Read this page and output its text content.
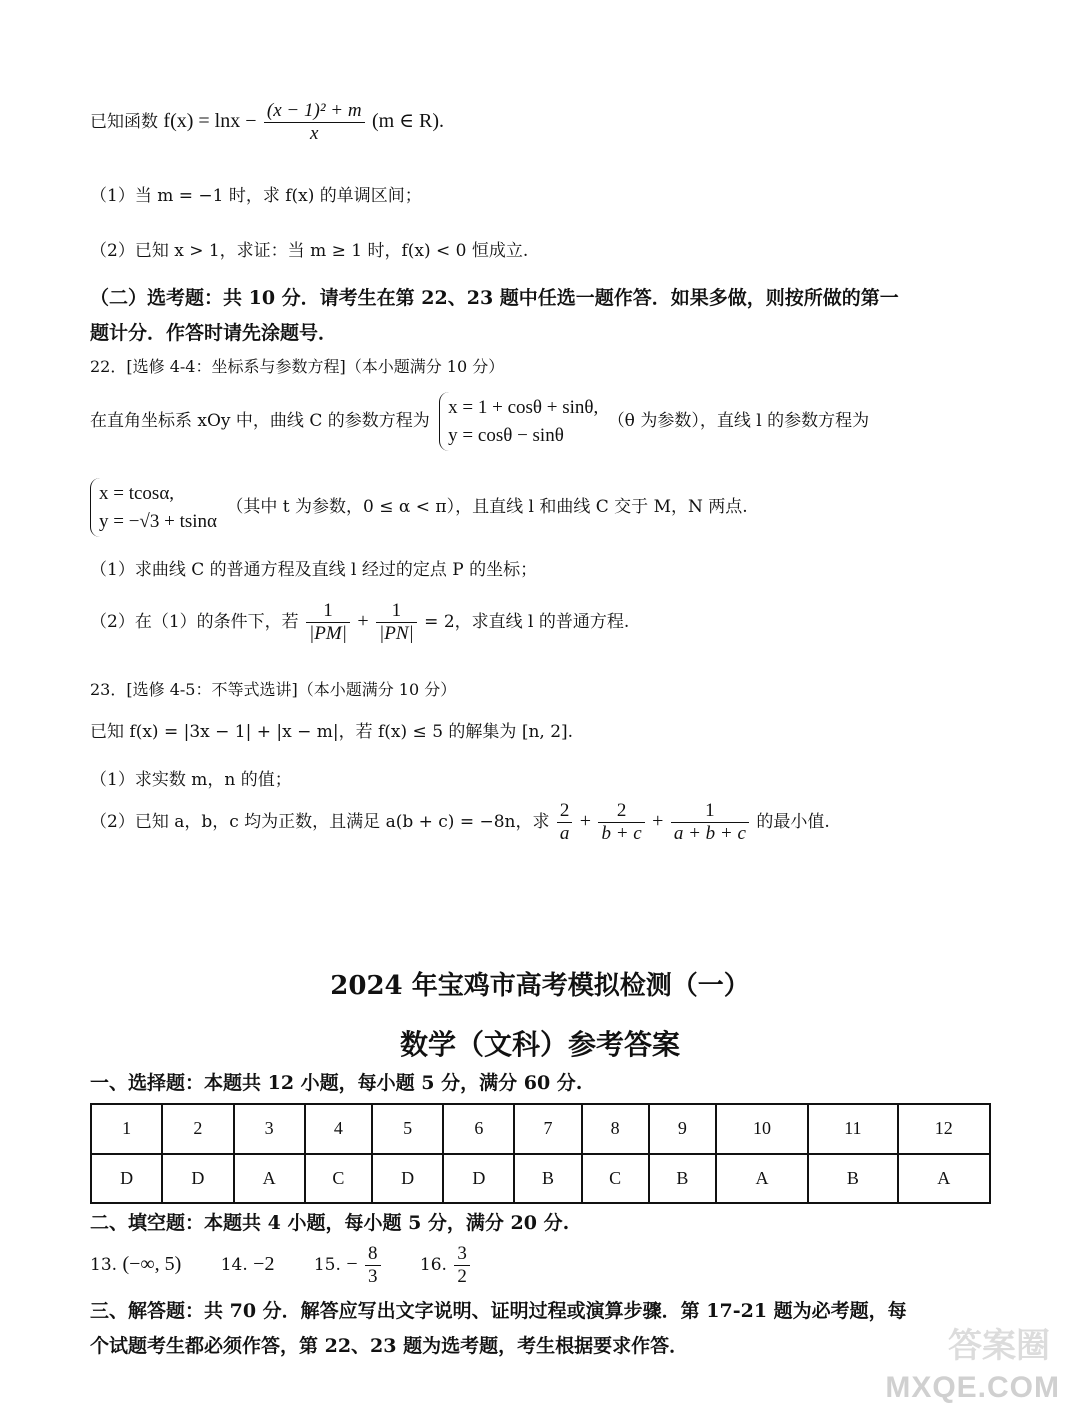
已知函数 $f(x) = \ln x - \frac{\text{(x − 1)² + m}}{x} (m$ ∈ R).
（1）当 m = −1 时，求 f(x) 的单调区间；
（2）已知 x > 1，求证：当 m ≥ 1 时，f(x) < 0 恒成立.
（二）选考题：共 10 分．请考生在第 22、23 题中任选一题作答．如果多做，则按所做的第一
题计分．作答时请先涂题号．
22．[选修 4-4：坐标系与参数方程]（本小题满分 10 分）
在直角坐标系 xOy 中，曲线 C 的参数方程为
x = 1 + cosθ + sinθ,
y = cosθ − sinθ
（θ 为参数），直线 l 的参数方程为
x = tcosα,
y = −√3 + tsinα
（其中 t 为参数，0 ≤ α < π），且直线 l 和曲线 C 交于 M，N 两点.
（1）求曲线 C 的普通方程及直线 l 经过的定点 P 的坐标；
（2）在（1）的条件下，若 $\frac{1}{|PM|} + \frac{1}{|PN|} = 2$，求直线 l 的普通方程.
23．[选修 4-5：不等式选讲]（本小题满分 10 分）
已知 f(x) = |3x − 1| + |x − m|，若 f(x) ≤ 5 的解集为 [n, 2].
（1）求实数 m，n 的值；
（2）已知 a，b，c 均为正数，且满足 a(b + c) = −8n，求 $\frac{2}{a} + \frac{2}{b + c} + \frac{1}{a + b + c}$ 的最小值.
2024 年宝鸡市高考模拟检测（一）
数学（文科）参考答案
一、选择题：本题共 12 小题，每小题 5 分，满分 60 分.
1	2	3	4	5	6	7	8	9	10	11	12
D	D	A	C	D	D	B	C	B	A	B	A
二、填空题：本题共 4 小题，每小题 5 分，满分 20 分.
13. (−∞, 5) 14. −2 15. − $\frac{8}{3} 16$. $\frac{3}{2}$
三、解答题：共 70 分．解答应写出文字说明、证明过程或演算步骤．第 17-21 题为必考题，每
个试题考生都必须作答，第 22、23 题为选考题，考生根据要求作答．	答案圈
MXQE.COM
